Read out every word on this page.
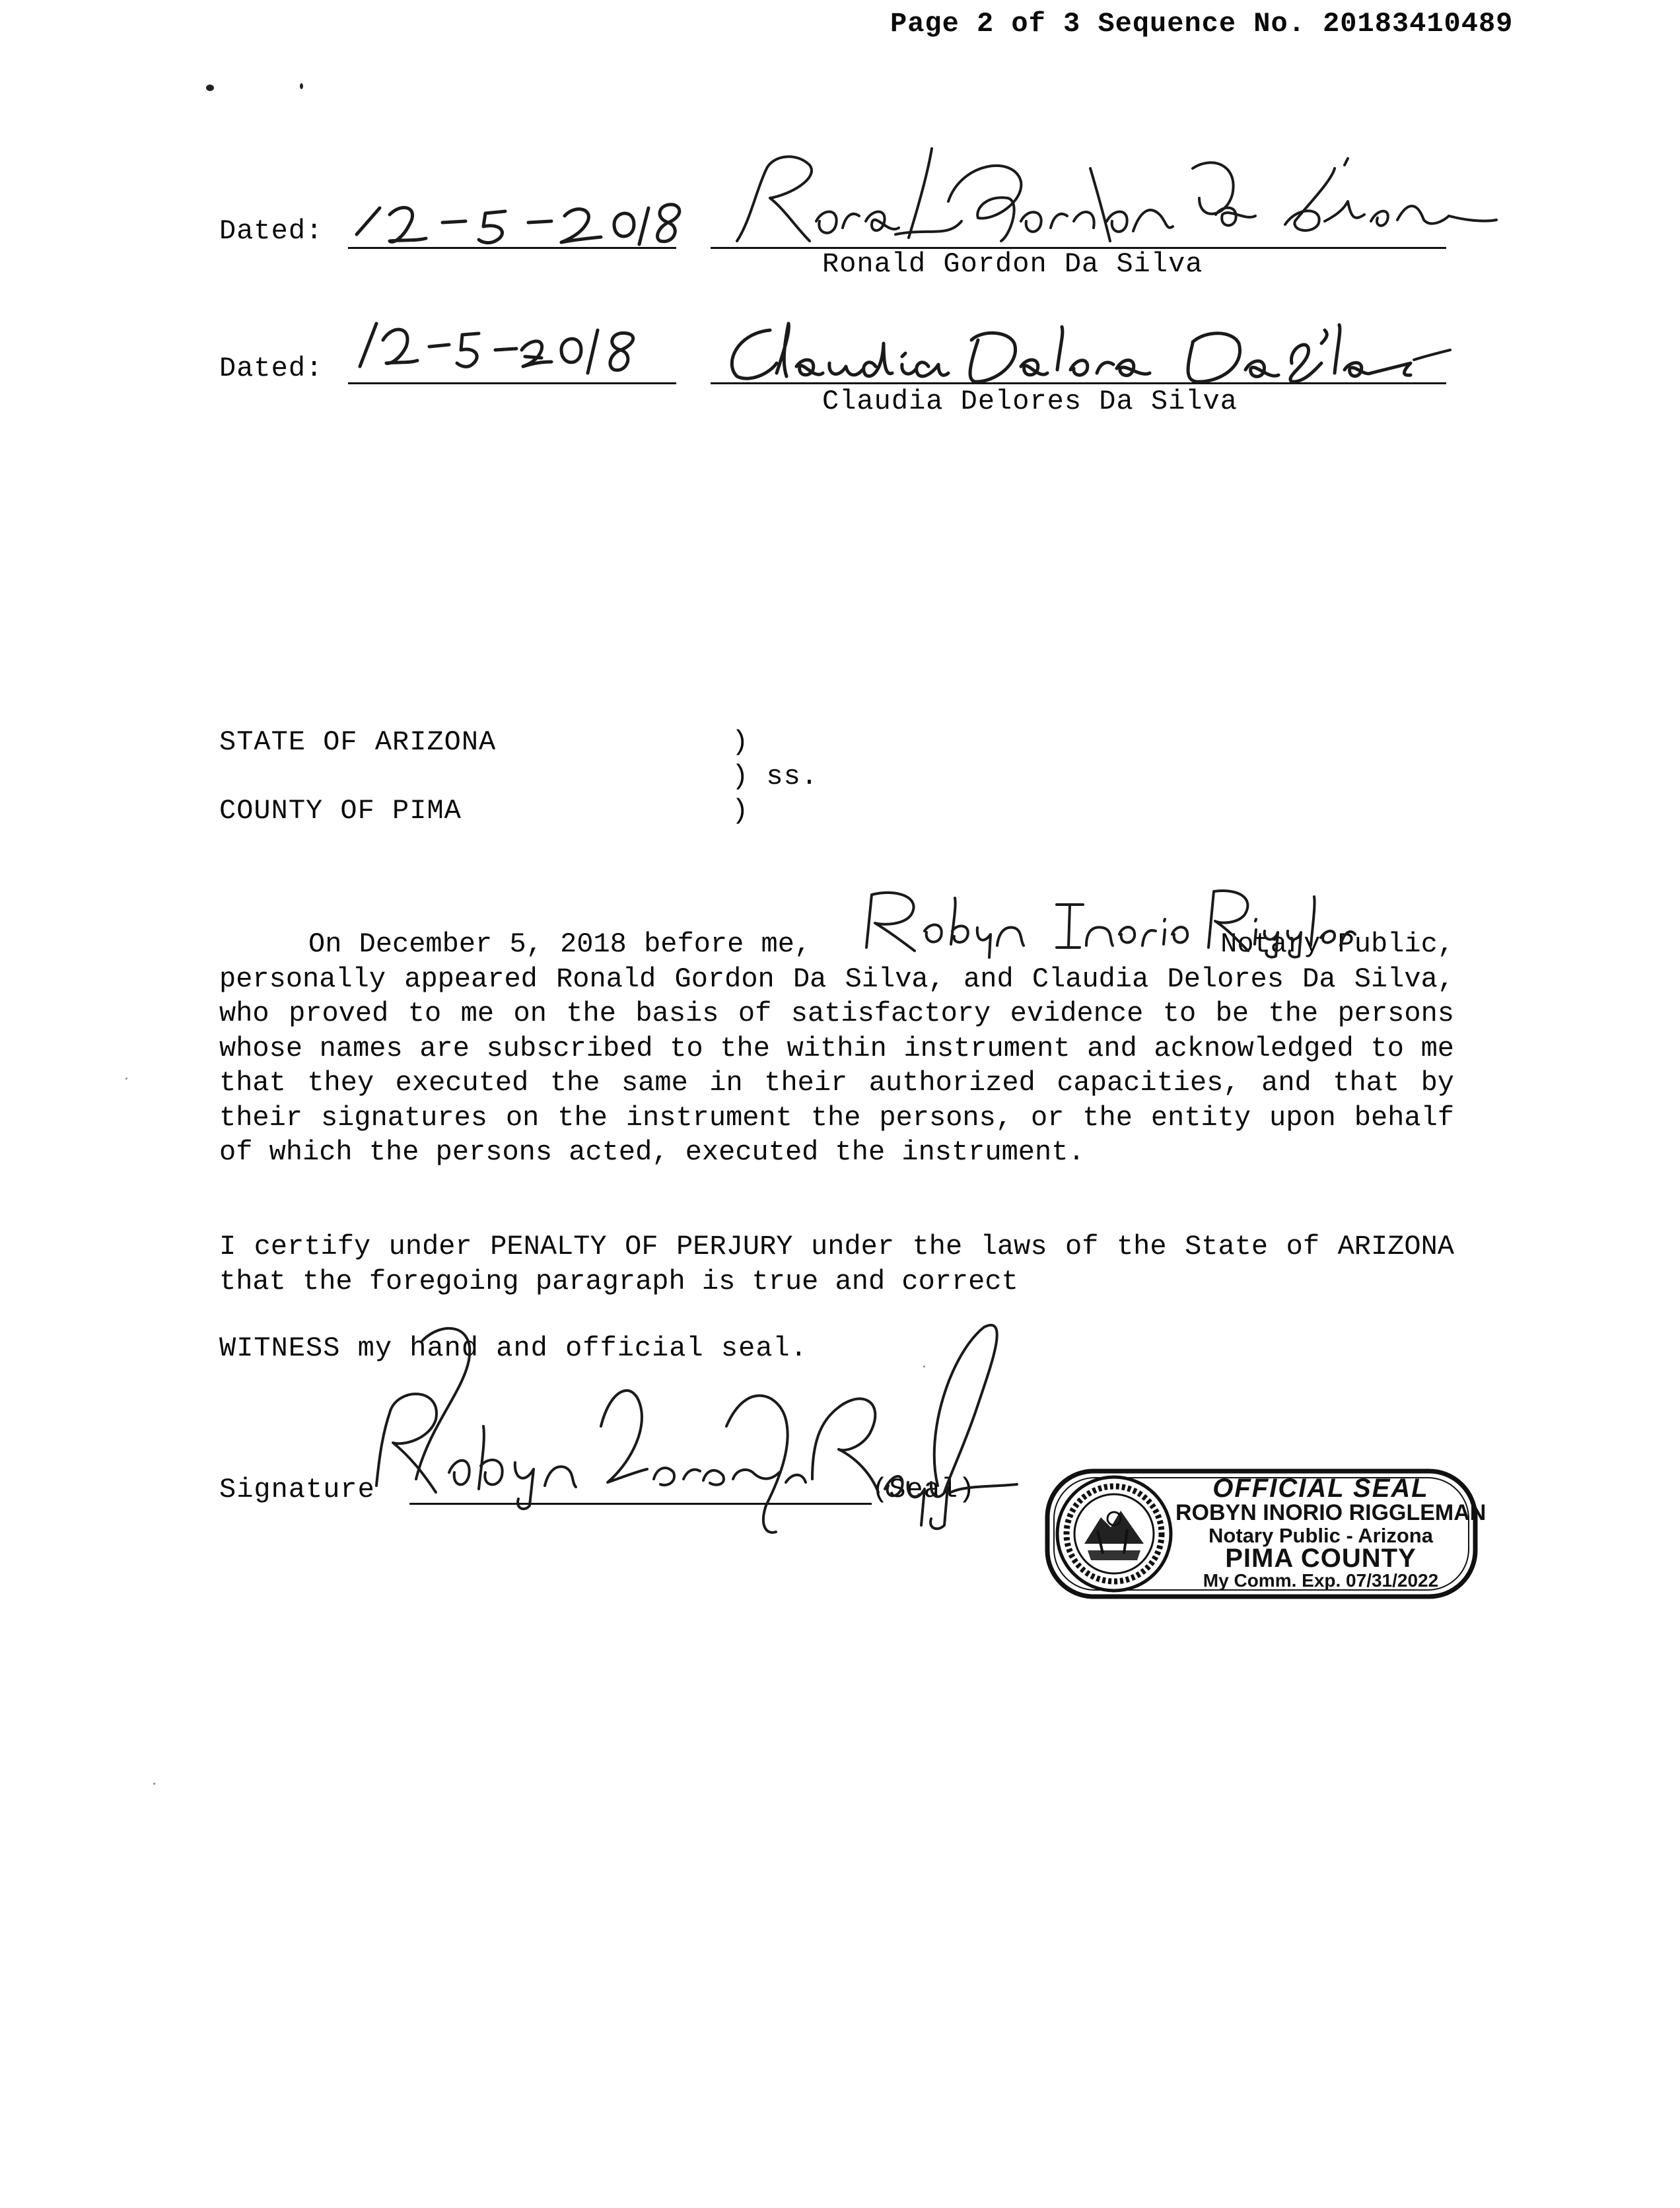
Page 2 of 3 Sequence No. 20183410489
Dated:
Ronald Gordon Da Silva
Dated:
Claudia Delores Da Silva
STATE OF ARIZONA	)
) ss.
COUNTY OF PIMA	)
On December 5, 2018 before me,	Notary Public, personally appeared Ronald Gordon Da Silva, and Claudia Delores Da Silva, who proved to me on the basis of satisfactory evidence to be the persons whose names are subscribed to the within instrument and acknowledged to me that they executed the same in their authorized capacities, and that by their signatures on the instrument the persons, or the entity upon behalf of which the persons acted, executed the instrument.
I certify under PENALTY OF PERJURY under the laws of the State of ARIZONA that the foregoing paragraph is true and correct
WITNESS my hand and official seal.
Signature	(Seal)	OFFICIAL SEAL
ROBYN INORIO RIGGLEMAN
Notary Public - Arizona
PIMA COUNTY
My Comm. Exp. 07/31/2022
